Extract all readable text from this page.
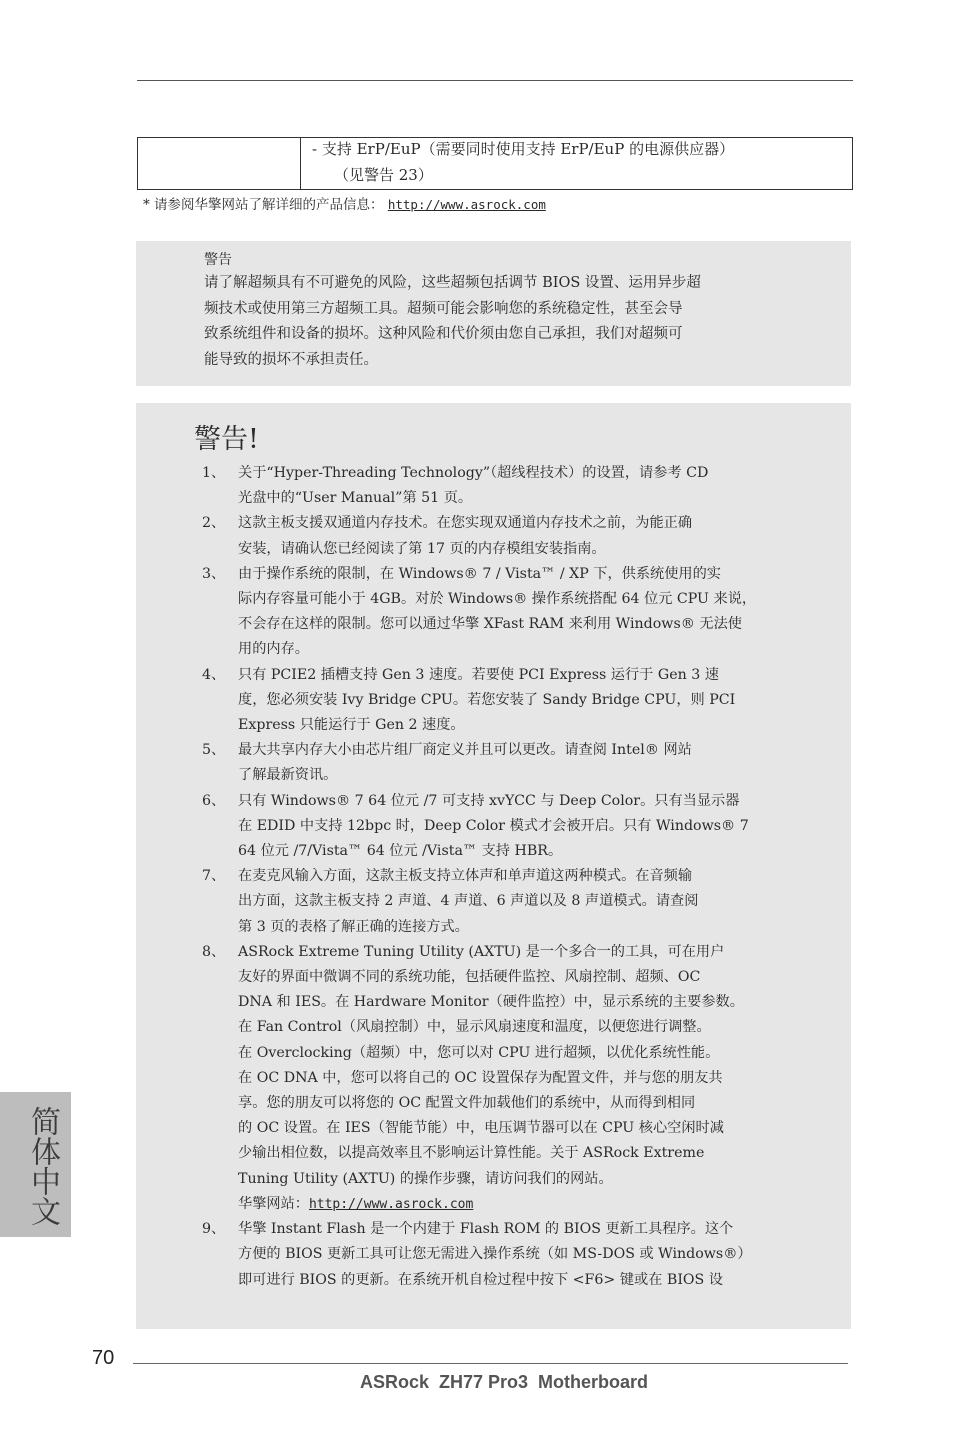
- 支持 ErP/EuP（需要同时使用支持 ErP/EuP 的电源供应器）
（见警告 23）
* 请参阅华擎网站了解详细的产品信息： http://www.asrock.com
警告
请了解超频具有不可避免的风险，这些超频包括调节 BIOS 设置、运用异步超
频技术或使用第三方超频工具。超频可能会影响您的系统稳定性，甚至会导
致系统组件和设备的损坏。这种风险和代价须由您自己承担，我们对超频可
能导致的损坏不承担责任。
警告!
1、 关于“Hyper-Threading Technology”（超线程技术）的设置，请参考 CD
光盘中的“User Manual”第 51 页。
2、 这款主板支援双通道内存技术。在您实现双通道内存技术之前，为能正确
安装，请确认您已经阅读了第 17 页的内存模组安装指南。
3、 由于操作系统的限制，在 Windows® 7 / Vista™ / XP 下，供系统使用的实
际内存容量可能小于 4GB。对於 Windows® 操作系统搭配 64 位元 CPU 来说，
不会存在这样的限制。您可以通过华擎 XFast RAM 来利用 Windows® 无法使
用的内存。
4、 只有 PCIE2 插槽支持 Gen 3 速度。若要使 PCI Express 运行于 Gen 3 速
度，您必须安装 Ivy Bridge CPU。若您安装了 Sandy Bridge CPU，则 PCI
Express 只能运行于 Gen 2 速度。
5、 最大共享内存大小由芯片组厂商定义并且可以更改。请查阅 Intel® 网站
了解最新资讯。
6、 只有 Windows® 7 64 位元 /7 可支持 xvYCC 与 Deep Color。只有当显示器
在 EDID 中支持 12bpc 时，Deep Color 模式才会被开启。只有 Windows® 7
64 位元 /7/Vista™ 64 位元 /Vista™ 支持 HBR。
7、 在麦克风输入方面，这款主板支持立体声和单声道这两种模式。在音频输
出方面，这款主板支持 2 声道、4 声道、6 声道以及 8 声道模式。请查阅
第 3 页的表格了解正确的连接方式。
8、 ASRock Extreme Tuning Utility (AXTU) 是一个多合一的工具，可在用户
友好的界面中微调不同的系统功能，包括硬件监控、风扇控制、超频、OC
DNA 和 IES。在 Hardware Monitor（硬件监控）中，显示系统的主要参数。
在 Fan Control（风扇控制）中，显示风扇速度和温度，以便您进行调整。
在 Overclocking（超频）中，您可以对 CPU 进行超频，以优化系统性能。
在 OC DNA 中，您可以将自己的 OC 设置保存为配置文件，并与您的朋友共
享。您的朋友可以将您的 OC 配置文件加载他们的系统中，从而得到相同
的 OC 设置。在 IES（智能节能）中，电压调节器可以在 CPU 核心空闲时减
少输出相位数，以提高效率且不影响运计算性能。关于 ASRock Extreme
Tuning Utility (AXTU) 的操作步骤，请访问我们的网站。
华擎网站：http://www.asrock.com
9、 华擎 Instant Flash 是一个内建于 Flash ROM 的 BIOS 更新工具程序。这个
方便的 BIOS 更新工具可让您无需进入操作系统（如 MS-DOS 或 Windows®）
即可进行 BIOS 的更新。在系统开机自检过程中按下 <F6> 键或在 BIOS 设
简体中文
70
ASRock  ZH77 Pro3  Motherboard
